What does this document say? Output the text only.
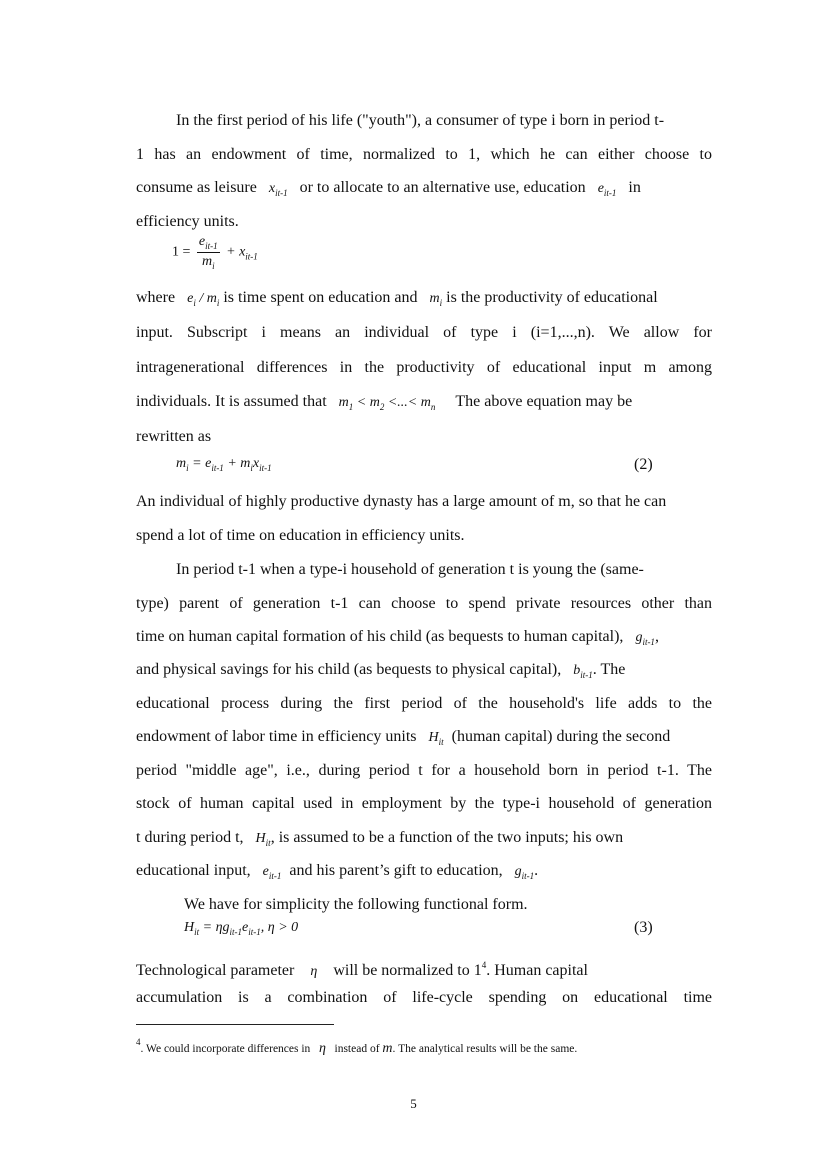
In the first period of his life ("youth"), a consumer of type i born in period t-
1 has an endowment of time, normalized to 1, which he can either choose to
consume as leisure $x_{it-1}$ or to allocate to an alternative use, education $e_{it-1}$ in
efficiency units.
$1 = \frac{e_{it-1}}{m_i} + x_{it-1}$
where $e_i / m_i$ is time spent on education and $m_i$ is the productivity of educational
input. Subscript i means an individual of type i (i=1,...,n). We allow for
intragenerational differences in the productivity of educational input m among
individuals. It is assumed that $m_1 < m_2$ <...< $m_n$ The above equation may be
rewritten as
$m_i = e_{it-1} + m_ix_{it-1}$	(2)
An individual of highly productive dynasty has a large amount of m, so that he can
spend a lot of time on education in efficiency units.
In period t-1 when a type-i household of generation t is young the (same-
type) parent of generation t-1 can choose to spend private resources other than
time on human capital formation of his child (as bequests to human capital), $g_{it-1}$,
and physical savings for his child (as bequests to physical capital), $b_{it-1}$. The
educational process during the first period of the household's life adds to the
endowment of labor time in efficiency units $H_{it}$ (human capital) during the second
period "middle age", i.e., during period t for a household born in period t-1. The
stock of human capital used in employment by the type-i household of generation
t during period t, $H_{it}$, is assumed to be a function of the two inputs; his own
educational input, $e_{it-1}$ and his parent’s gift to education, $g_{it-1}$.
We have for simplicity the following functional form.
$H_{it} = \eta g_{it-1}e_{it-1}$, η > 0	(3)
Technological parameter η will be normalized to $1^4$. Human capital
accumulation is a combination of life-cycle spending on educational time
$^4$. We could incorporate differences in η instead of m. The analytical results will be the same.
5
